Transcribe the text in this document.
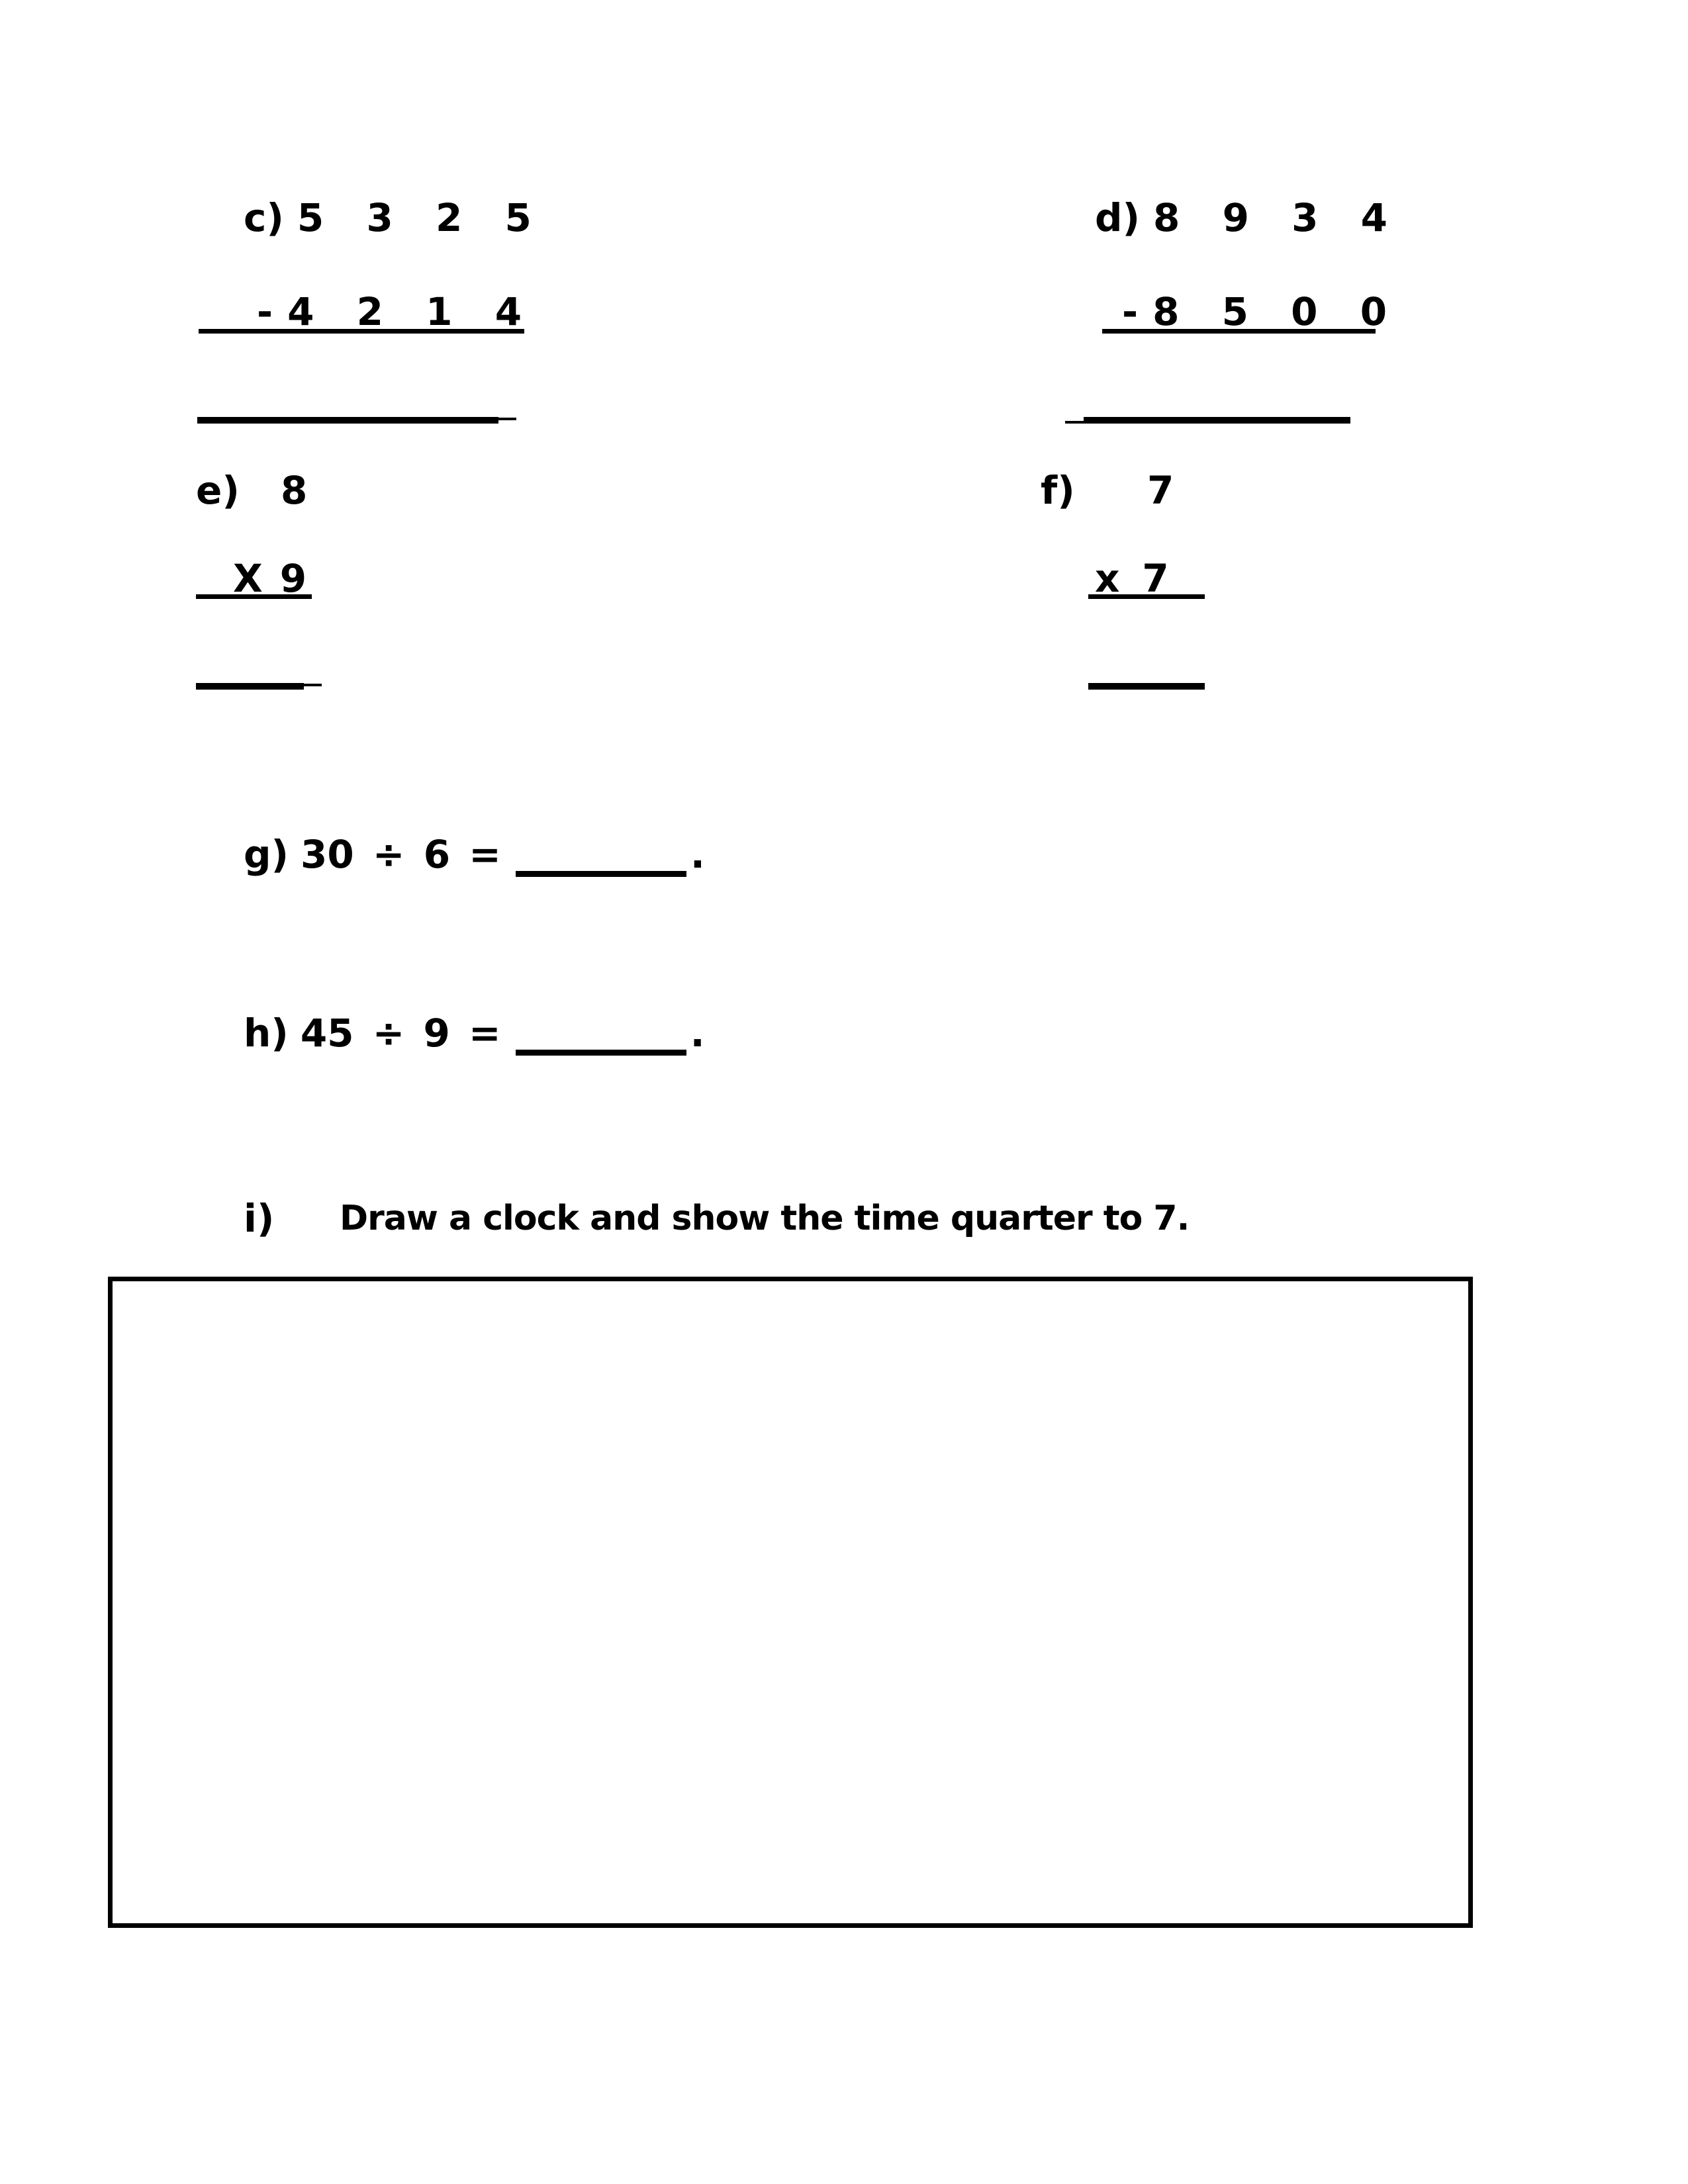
c) 5 3 2 5
- 4 2 1 4
d) 8 9 3 4
- 8 5 0 0
e) 8
X 9
f) 7
x 7
g) 30 ÷ 6 =	.
h) 45 ÷ 9 =	.
i) Draw a clock and show the time quarter to 7.
